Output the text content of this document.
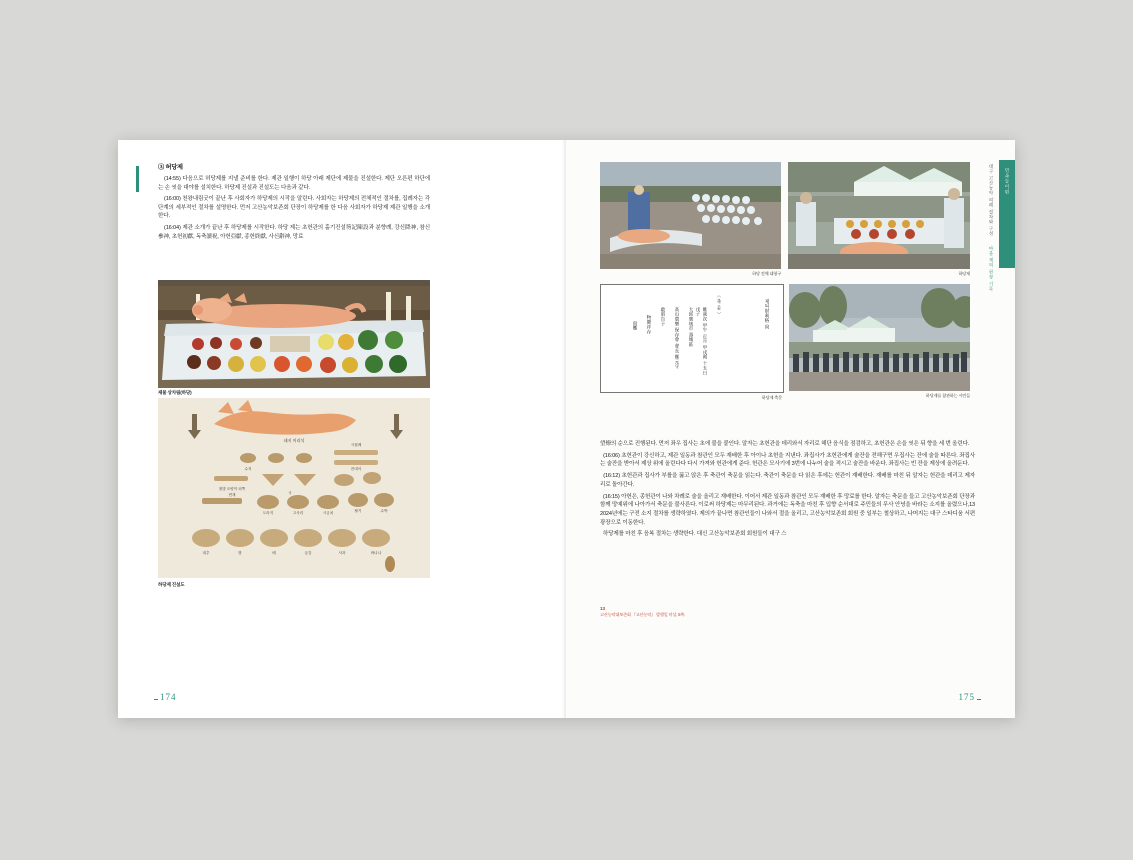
③ 허당제

(14:55) 다음으로 허당제를 지낼 준비를 한다. 제관 일행이 하당 아래 제단에 제물을 진설한다. 제단 오른편 하단에는 손 씻을 대야를 설치한다. 하당제 진설과 진설도는 다음과 같다.

(16:00) 천왕내림굿이 끝난 후 사회자가 하당제의 시작을 알린다. 사회자는 하당제의 전체적인 절차를, 집례자는 각 단계의 세부적인 절차를 설명한다. 먼저 고산농악보존회 단장이 하당제를 한 다음 사회자가 하당제 제관 일행을 소개한다.

(16:04) 제관 소개가 끝난 후 하당제를 시작한다. 하당 제는 초헌관의 홀기진설笏記陳設과 분향례, 강신降神, 참신參神, 초헌初獻, 독축讀祝, 아헌亞獻, 종헌終獻, 사신辭神, 망료

제물 상차림(하당)
돼지 머리석
시접례
수저
국
잔대석
찰밥 모양이 외쪽
면재
도라지	고사리	시금치	팔기	수박
대추	밤	배	곶감	사과	바나나
하당제 진설도
174
민속놀이편
대구 고산농악 의례 절차와 구성
마을 제의 현장 기록
하당 전체 대형구	하당제
〈 축 문 〉
維歲次 甲午 正月 甲戌朔 十五日 戊子
大邱廣域市 壽城區
高山農樂 保存會 會長 鄭元守
敢昭告于
物慶祥存
尙饗	제되財利格 尙
하당제 축문	하당제를 참관하는 시민들

望燎의 순으로 진행된다. 먼저 좌우 집사는 초에 불을 붙인다. 알자는 초헌관을 데리와서 자리로 헤단 음식을 점검하고, 초헌관은 손을 씻은 뒤 향을 세 번 올린다.

(16:06) 초헌관이 강신하고, 제관 일동과 참관인 모두 재배한 후 아이나 초헌을 지낸다. 좌집사가 초헌관에게 술잔을 전해구면 우집사는 잔에 술을 따른다. 좌집사는 술잔을 받아서 제상 위에 올린다다 다시 가져와 헌관에게 준다. 헌관은 모사기에 3번에 나누어 술을 적시고 술잔을 바운다. 좌집사는 빈 잔을 제상에 올려둔다.

(16:12) 초헌관과 집사가 부를을 꿇고 앉은 후 축관이 축문을 읽는다. 축관이 축문을 다 읽은 후에는 헌관이 재배한다. 재배를 마친 뒤 알자는 헌관을 데리고 제자리로 돌아간다.

(16:15) 아헌은, 종헌관이 나와 차례로 술을 올리고 재배한다. 이어서 제관 일동과 참관인 모두 재배한 후 망료를 한다. 알자는 축문을 들고 고산농악보존회 단장과 함께 망예위에 나아가서 축문을 불사른다. 이로써 하당제는 마무리된다. 과거에는 독축을 마친 후 입향 순서대로 주민들의 무사 안녕을 바라는 소지를 올렸으나,13 2024년에는 구전 소지 절차를 생략하였다. 제의가 끝나면 참관인들이 나와서 절을 올리고, 고산농악보존회 회원 중 일부는 철상하고, 나머지는 대구 스타디움 서편 광장으로 이동한다.

하당제를 마친 후 음복 절차는 생략한다. 대신 고산농악보존회 회원들이 대구 스

13
고산농악대보존회 『고산농악』 발행일 미상, 5쪽.
175
